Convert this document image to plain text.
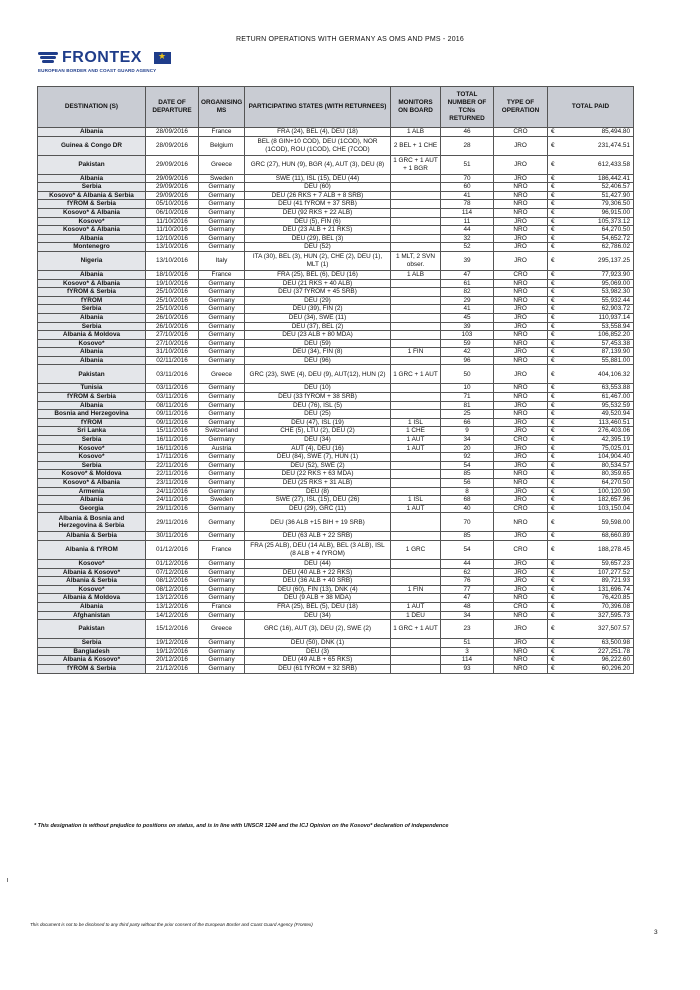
RETURN OPERATIONS WITH GERMANY AS OMS AND PMS - 2016
FRONTEX
★
EUROPEAN BORDER AND COAST GUARD AGENCY
DESTINATION (S)	DATE OF DEPARTURE	ORGANISING MS	PARTICIPATING STATES (WITH RETURNEES)	MONITORS ON BOARD	TOTAL NUMBER OF TCNs RETURNED	TYPE OF OPERATION	TOTAL PAID	
Albania	28/09/2016	France	FRA (24), BEL (4), DEU (18)	1 ALB	46	CRO	€	85,494.80
Guinea & Congo DR	28/09/2016	Belgium	BEL (8 GIN+10 COD), DEU (1COD), NOR (1COD), ROU (1COD), CHE (7COD)	2 BEL + 1 CHE	28	JRO	€	231,474.51
Pakistan	29/09/2016	Greece	GRC (27), HUN (9), BGR (4), AUT (3), DEU (8)	1 GRC + 1 AUT + 1 BGR	51	JRO	€	612,433.58
Albania	29/09/2016	Sweden	SWE (11), ISL (15), DEU (44)		70	JRO	€	186,442.41
Serbia	29/09/2016	Germany	DEU (60)		60	NRO	€	52,406.57
Kosovo* & Albania & Serbia	29/09/2016	Germany	DEU (26 RKS + 7 ALB + 8 SRB)		41	NRO	€	51,427.90
fYROM & Serbia	05/10/2016	Germany	DEU (41 fYROM + 37 SRB)		78	NRO	€	79,306.50
Kosovo* & Albania	06/10/2016	Germany	DEU (92 RKS + 22 ALB)		114	NRO	€	96,915.00
Kosovo*	11/10/2016	Germany	DEU (5), FIN (6)		11	JRO	€	105,373.12
Kosovo* & Albania	11/10/2016	Germany	DEU (23 ALB + 21 RKS)		44	NRO	€	64,270.50
Albania	12/10/2016	Germany	DEU (29), BEL (3)		32	JRO	€	54,652.72
Montenegro	13/10/2016	Germany	DEU (52)		52	JRO	€	62,786.02
Nigeria	13/10/2016	Italy	ITA (30), BEL (3), HUN (2), CHE (2), DEU (1), MLT (1)	1 MLT, 2 SVN obser.	39	JRO	€	295,137.25
Albania	18/10/2016	France	FRA (25), BEL (6), DEU (16)	1 ALB	47	CRO	€	77,923.90
Kosovo* & Albania	19/10/2016	Germany	DEU (21 RKS + 40 ALB)		61	NRO	€	95,069.00
fYROM & Serbia	25/10/2016	Germany	DEU (37 fYROM + 45 SRB)		82	NRO	€	53,982.30
fYROM	25/10/2016	Germany	DEU (29)		29	NRO	€	55,932.44
Serbia	25/10/2016	Germany	DEU (39), FIN (2)		41	JRO	€	62,903.72
Albania	26/10/2016	Germany	DEU (34), SWE (11)		45	JRO	€	110,937.14
Serbia	26/10/2016	Germany	DEU (37), BEL (2)		39	JRO	€	53,558.94
Albania & Moldova	27/10/2016	Germany	DEU (23 ALB + 80 MDA)		103	NRO	€	106,852.20
Kosovo*	27/10/2016	Germany	DEU (59)		59	NRO	€	57,453.38
Albania	31/10/2016	Germany	DEU (34), FIN (8)	1 FIN	42	JRO	€	87,139.90
Albania	02/11/2016	Germany	DEU (96)		96	NRO	€	55,881.00
Pakistan	03/11/2016	Greece	GRC (23), SWE (4), DEU (9), AUT(12), HUN (2)	1 GRC + 1 AUT	50	JRO	€	404,106.32
Tunisia	03/11/2016	Germany	DEU (10)		10	NRO	€	63,553.88
fYROM & Serbia	03/11/2016	Germany	DEU (33 fYROM + 38 SRB)		71	NRO	€	61,467.00
Albania	08/11/2016	Germany	DEU (76), ISL (5)		81	JRO	€	95,532.59
Bosnia and Herzegovina	09/11/2016	Germany	DEU (25)		25	NRO	€	49,520.94
fYROM	09/11/2016	Germany	DEU (47), ISL (19)	1 ISL	66	JRO	€	113,460.51
Sri Lanka	15/11/2016	Switzerland	CHE (5), LTU (2), DEU (2)	1 CHE	9	JRO	€	276,403.06
Serbia	16/11/2016	Germany	DEU (34)	1 AUT	34	CRO	€	42,395.19
Kosovo*	16/11/2016	Austria	AUT (4), DEU (16)	1 AUT	20	JRO	€	75,025.01
Kosovo*	17/11/2016	Germany	DEU (84), SWE (7), HUN (1)		92	JRO	€	104,904.40
Serbia	22/11/2016	Germany	DEU (52), SWE (2)		54	JRO	€	80,534.57
Kosovo* & Moldova	22/11/2016	Germany	DEU (22 RKS + 63 MDA)		85	NRO	€	80,359.65
Kosovo* & Albania	23/11/2016	Germany	DEU (25 RKS + 31 ALB)		56	NRO	€	64,270.50
Armenia	24/11/2016	Germany	DEU (8)		8	JRO	€	100,120.90
Albania	24/11/2016	Sweden	SWE (27), ISL (15), DEU (26)	1 ISL	68	JRO	€	182,657.96
Georgia	29/11/2016	Germany	DEU (29), GRC (11)	1 AUT	40	CRO	€	103,150.04
Albania & Bosnia and Herzegovina & Serbia	29/11/2016	Germany	DEU (36 ALB +15 BIH + 19 SRB)		70	NRO	€	59,598.00
Albania & Serbia	30/11/2016	Germany	DEU (63 ALB + 22 SRB)		85	JRO	€	68,660.89
Albania & fYROM	01/12/2016	France	FRA (25 ALB), DEU (14 ALB), BEL (3 ALB), ISL (8 ALB + 4 fYROM)	1 GRC	54	CRO	€	188,278.45
Kosovo*	01/12/2016	Germany	DEU (44)		44	JRO	€	59,657.23
Albania & Kosovo*	07/12/2016	Germany	DEU (40 ALB + 22 RKS)		62	JRO	€	107,277.52
Albania & Serbia	08/12/2016	Germany	DEU (36 ALB + 40 SRB)		76	JRO	€	89,721.93
Kosovo*	08/12/2016	Germany	DEU (60), FIN (13), DNK (4)	1 FIN	77	JRO	€	131,696.74
Albania & Moldova	13/12/2016	Germany	DEU (9 ALB + 38 MDA)		47	NRO	€	76,420.85
Albania	13/12/2016	France	FRA (25), BEL (5), DEU (18)	1 AUT	48	CRO	€	70,396.08
Afghanistan	14/12/2016	Germany	DEU (34)	1 DEU	34	NRO	€	327,595.73
Pakistan	15/12/2016	Greece	GRC (16), AUT (3), DEU (2), SWE (2)	1 GRC + 1 AUT	23	JRO	€	327,507.57
Serbia	19/12/2016	Germany	DEU (50), DNK (1)		51	JRO	€	63,500.98
Bangladesh	19/12/2016	Germany	DEU (3)		3	NRO	€	227,251.78
Albania & Kosovo*	20/12/2016	Germany	DEU (49 ALB + 65 RKS)		114	NRO	€	96,222.60
fYROM & Serbia	21/12/2016	Germany	DEU (61 fYROM + 32 SRB)		93	NRO	€	60,296.20
* This designation is without prejudice to positions on status, and is in line with UNSCR 1244 and the ICJ Opinion on the Kosovo* declaration of independence
This document is not to be disclosed to any third party without the prior consent of the European Border and Coast Guard Agency (Frontex)
3
